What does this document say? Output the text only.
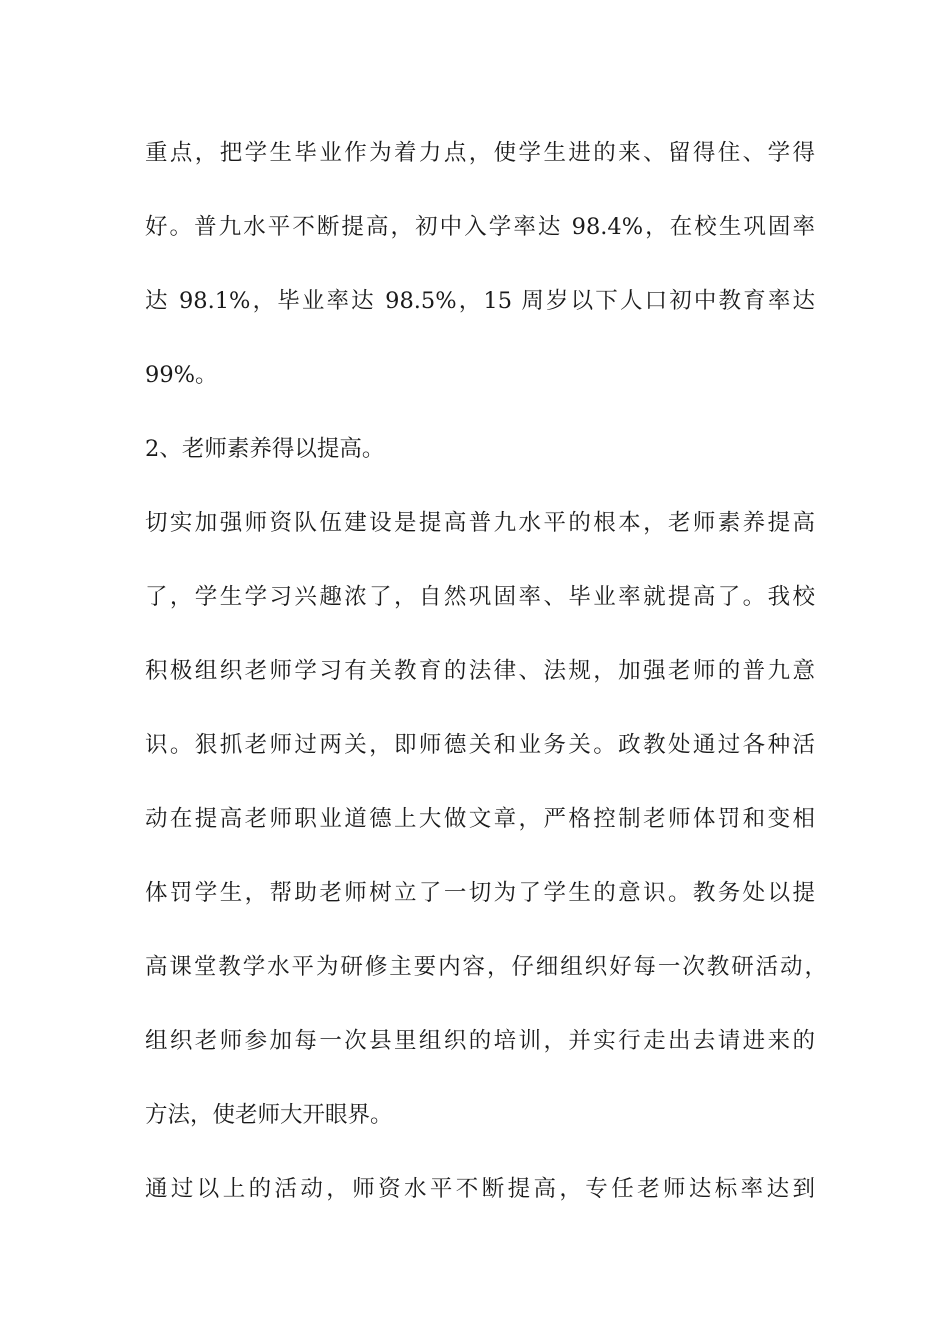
重点，把学生毕业作为着力点，使学生进的来、留得住、学得
好。普九水平不断提高，初中入学率达 98.4%，在校生巩固率
达 98.1%，毕业率达 98.5%，15 周岁以下人口初中教育率达
99%。
2、老师素养得以提高。
切实加强师资队伍建设是提高普九水平的根本，老师素养提高
了，学生学习兴趣浓了，自然巩固率、毕业率就提高了。我校
积极组织老师学习有关教育的法律、法规，加强老师的普九意
识。狠抓老师过两关，即师德关和业务关。政教处通过各种活
动在提高老师职业道德上大做文章，严格控制老师体罚和变相
体罚学生，帮助老师树立了一切为了学生的意识。教务处以提
高课堂教学水平为研修主要内容，仔细组织好每一次教研活动，
组织老师参加每一次县里组织的培训，并实行走出去请进来的
方法，使老师大开眼界。
通过以上的活动，师资水平不断提高，专任老师达标率达到
